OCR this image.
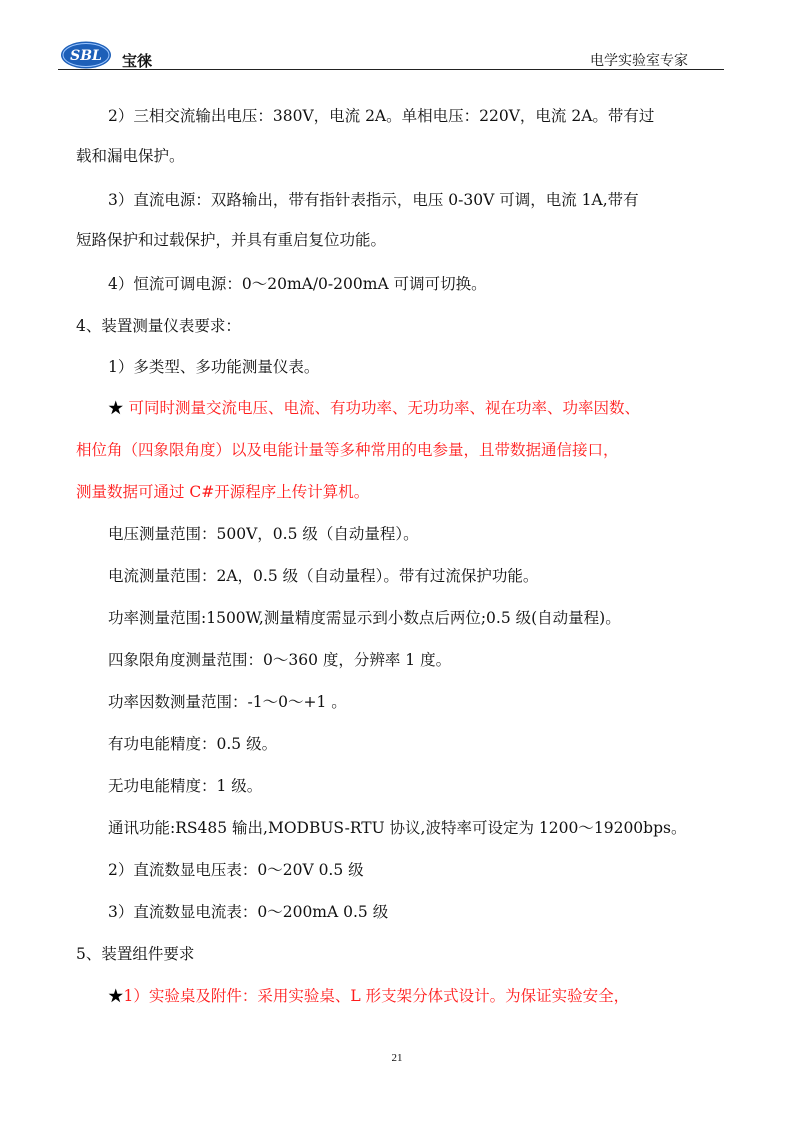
SBL 宝徕	电学实验室专家
2）三相交流输出电压：380V，电流 2A。单相电压：220V，电流 2A。带有过
载和漏电保护。
3）直流电源：双路输出，带有指针表指示，电压 0-30V 可调，电流 1A,带有
短路保护和过载保护，并具有重启复位功能。
4）恒流可调电源：0～20mA/0-200mA 可调可切换。
4、装置测量仪表要求：
1）多类型、多功能测量仪表。
★ 可同时测量交流电压、电流、有功功率、无功功率、视在功率、功率因数、
相位角（四象限角度）以及电能计量等多种常用的电参量，且带数据通信接口，
测量数据可通过 C#开源程序上传计算机。
电压测量范围：500V，0.5 级（自动量程）。
电流测量范围：2A，0.5 级（自动量程）。带有过流保护功能。
功率测量范围:1500W,测量精度需显示到小数点后两位;0.5 级(自动量程)。
四象限角度测量范围：0～360 度，分辨率 1 度。
功率因数测量范围：-1～0～+1 。
有功电能精度：0.5 级。
无功电能精度：1 级。
通讯功能:RS485 输出,MODBUS-RTU 协议,波特率可设定为 1200～19200bps。
2）直流数显电压表：0～20V 0.5 级
3）直流数显电流表：0～200mA 0.5 级
5、装置组件要求
★1）实验桌及附件：采用实验桌、L 形支架分体式设计。为保证实验安全，
21
